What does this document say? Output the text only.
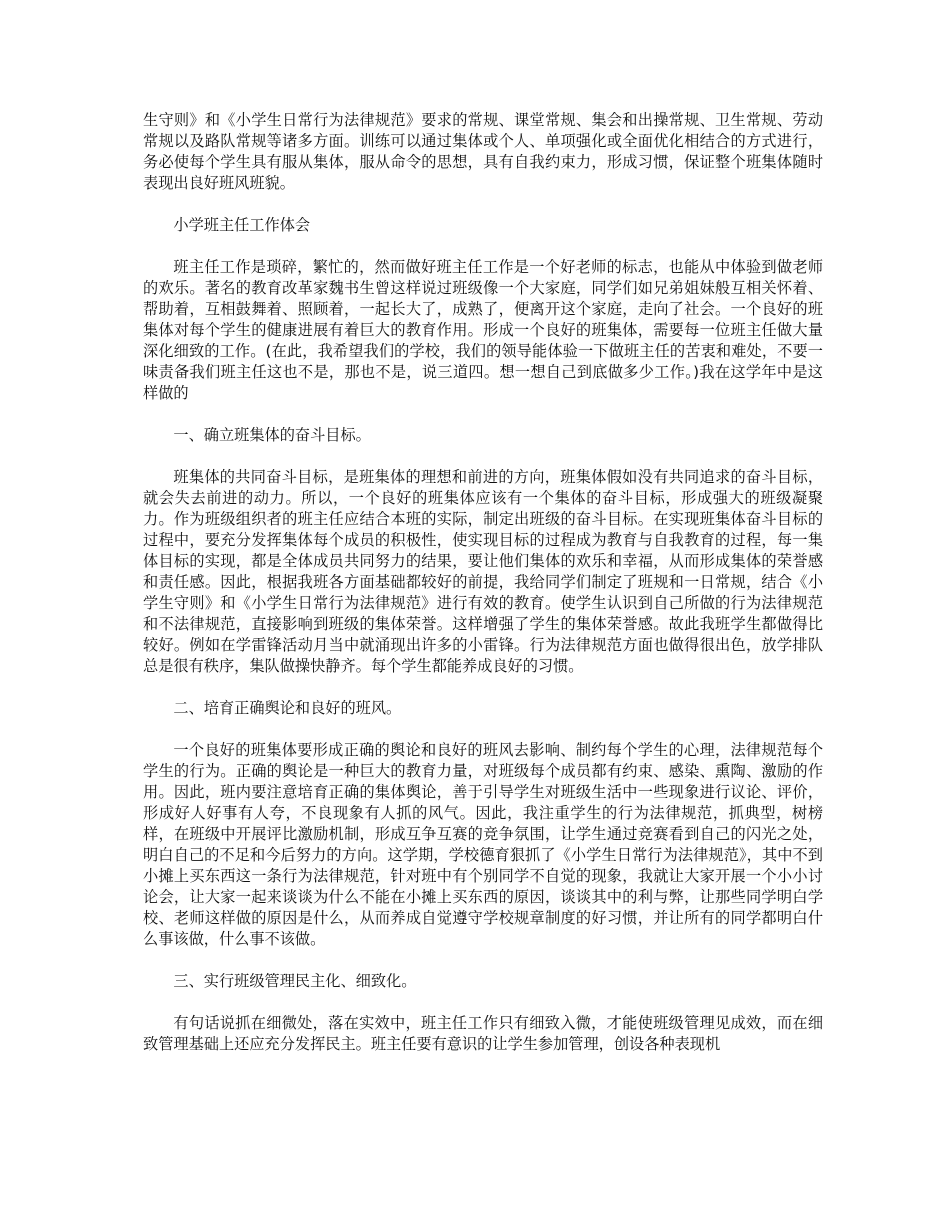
生守则》和《小学生日常行为法律规范》要求的常规、课堂常规、集会和出操常规、卫生常规、劳动常规以及路队常规等诸多方面。训练可以通过集体或个人、单项强化或全面优化相结合的方式进行，务必使每个学生具有服从集体，服从命令的思想，具有自我约束力，形成习惯，保证整个班集体随时表现出良好班风班貌。

小学班主任工作体会

班主任工作是琐碎，繁忙的，然而做好班主任工作是一个好老师的标志，也能从中体验到做老师的欢乐。著名的教育改革家魏书生曾这样说过班级像一个大家庭，同学们如兄弟姐妹般互相关怀着、帮助着，互相鼓舞着、照顾着，一起长大了，成熟了，便离开这个家庭，走向了社会。一个良好的班集体对每个学生的健康进展有着巨大的教育作用。形成一个良好的班集体，需要每一位班主任做大量深化细致的工作。(在此，我希望我们的学校，我们的领导能体验一下做班主任的苦衷和难处，不要一味责备我们班主任这也不是，那也不是，说三道四。想一想自己到底做多少工作。)我在这学年中是这样做的

一、确立班集体的奋斗目标。

班集体的共同奋斗目标，是班集体的理想和前进的方向，班集体假如没有共同追求的奋斗目标，就会失去前进的动力。所以，一个良好的班集体应该有一个集体的奋斗目标，形成强大的班级凝聚力。作为班级组织者的班主任应结合本班的实际，制定出班级的奋斗目标。在实现班集体奋斗目标的过程中，要充分发挥集体每个成员的积极性，使实现目标的过程成为教育与自我教育的过程，每一集体目标的实现，都是全体成员共同努力的结果，要让他们集体的欢乐和幸福，从而形成集体的荣誉感和责任感。因此，根据我班各方面基础都较好的前提，我给同学们制定了班规和一日常规，结合《小学生守则》和《小学生日常行为法律规范》进行有效的教育。使学生认识到自己所做的行为法律规范和不法律规范，直接影响到班级的集体荣誉。这样增强了学生的集体荣誉感。故此我班学生都做得比较好。例如在学雷锋活动月当中就涌现出许多的小雷锋。行为法律规范方面也做得很出色，放学排队总是很有秩序，集队做操快静齐。每个学生都能养成良好的习惯。

二、培育正确舆论和良好的班风。

一个良好的班集体要形成正确的舆论和良好的班风去影响、制约每个学生的心理，法律规范每个学生的行为。正确的舆论是一种巨大的教育力量，对班级每个成员都有约束、感染、熏陶、激励的作用。因此，班内要注意培育正确的集体舆论，善于引导学生对班级生活中一些现象进行议论、评价，形成好人好事有人夸，不良现象有人抓的风气。因此，我注重学生的行为法律规范，抓典型，树榜样，在班级中开展评比激励机制，形成互争互赛的竞争氛围，让学生通过竞赛看到自己的闪光之处，明白自己的不足和今后努力的方向。这学期，学校德育狠抓了《小学生日常行为法律规范》，其中不到小摊上买东西这一条行为法律规范，针对班中有个别同学不自觉的现象，我就让大家开展一个小小讨论会，让大家一起来谈谈为什么不能在小摊上买东西的原因，谈谈其中的利与弊，让那些同学明白学校、老师这样做的原因是什么，从而养成自觉遵守学校规章制度的好习惯，并让所有的同学都明白什么事该做，什么事不该做。

三、实行班级管理民主化、细致化。

有句话说抓在细微处，落在实效中，班主任工作只有细致入微，才能使班级管理见成效，而在细致管理基础上还应充分发挥民主。班主任要有意识的让学生参加管理，创设各种表现机
